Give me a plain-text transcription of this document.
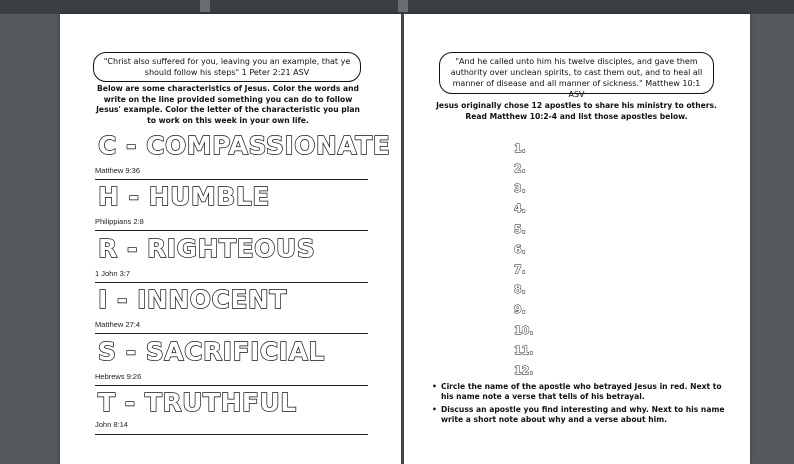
"Christ also suffered for you, leaving you an example, that ye should follow his steps" 1 Peter 2:21 ASV
Below are some characteristics of Jesus. Color the words and write on the line provided something you can do to follow Jesus' example. Color the letter of the characteristic you plan to work on this week in your own life.
C - COMPASSIONATE
Matthew 9:36
H - HUMBLE
Philippians 2:8
R - RIGHTEOUS
1 John 3:7
I - INNOCENT
Matthew 27:4
S - SACRIFICIAL
Hebrews 9:26
T - TRUTHFUL
John 8:14
"And he called unto him his twelve disciples, and gave them authority over unclean spirits, to cast them out, and to heal all manner of disease and all manner of sickness." Matthew 10:1 ASV
Jesus originally chose 12 apostles to share his ministry to others. Read Matthew 10:2-4 and list those apostles below.
1.
2.
3.
4.
5.
6.
7.
8.
9.
10.
11.
12.
• Circle the name of the apostle who betrayed Jesus in red. Next to his name note a verse that tells of his betrayal.
• Discuss an apostle you find interesting and why. Next to his name write a short note about why and a verse about him.
